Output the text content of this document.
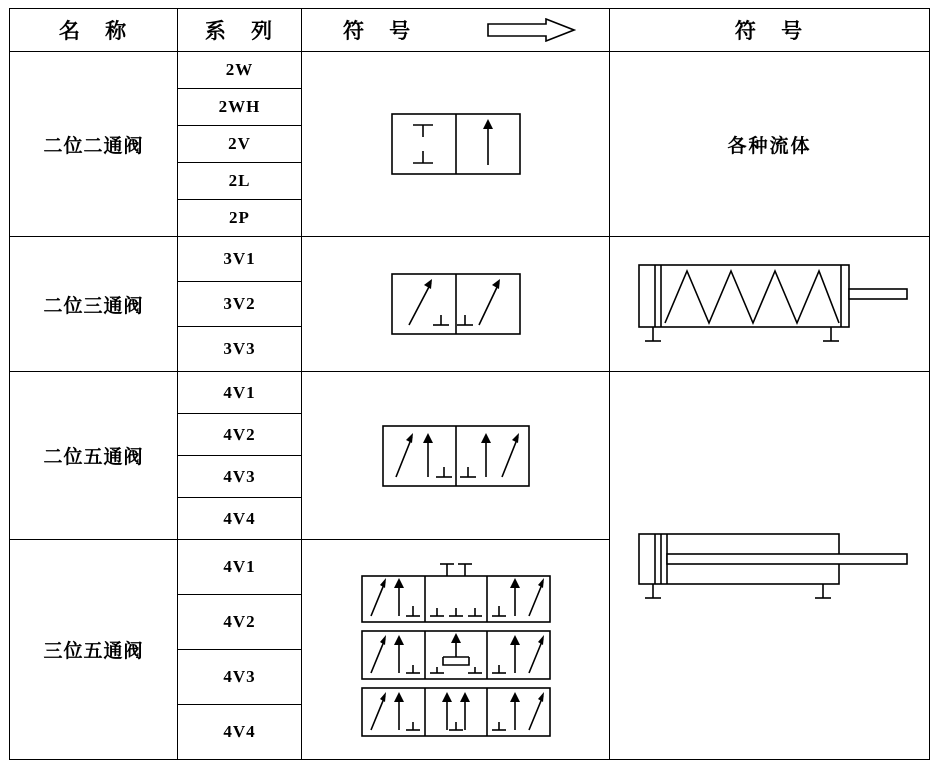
名 称	系 列	符 号	符 号
二位二通阀	2W		各种流体
	2WH		
	2V		
	2L		
	2P		
二位三通阀	3V1	

	3V2		
	3V3		
二位五通阀	4V1	

	4V2		
	4V3		
	4V4		
三位五通阀	4V1	

	4V2		
	4V3		
	4V4		
